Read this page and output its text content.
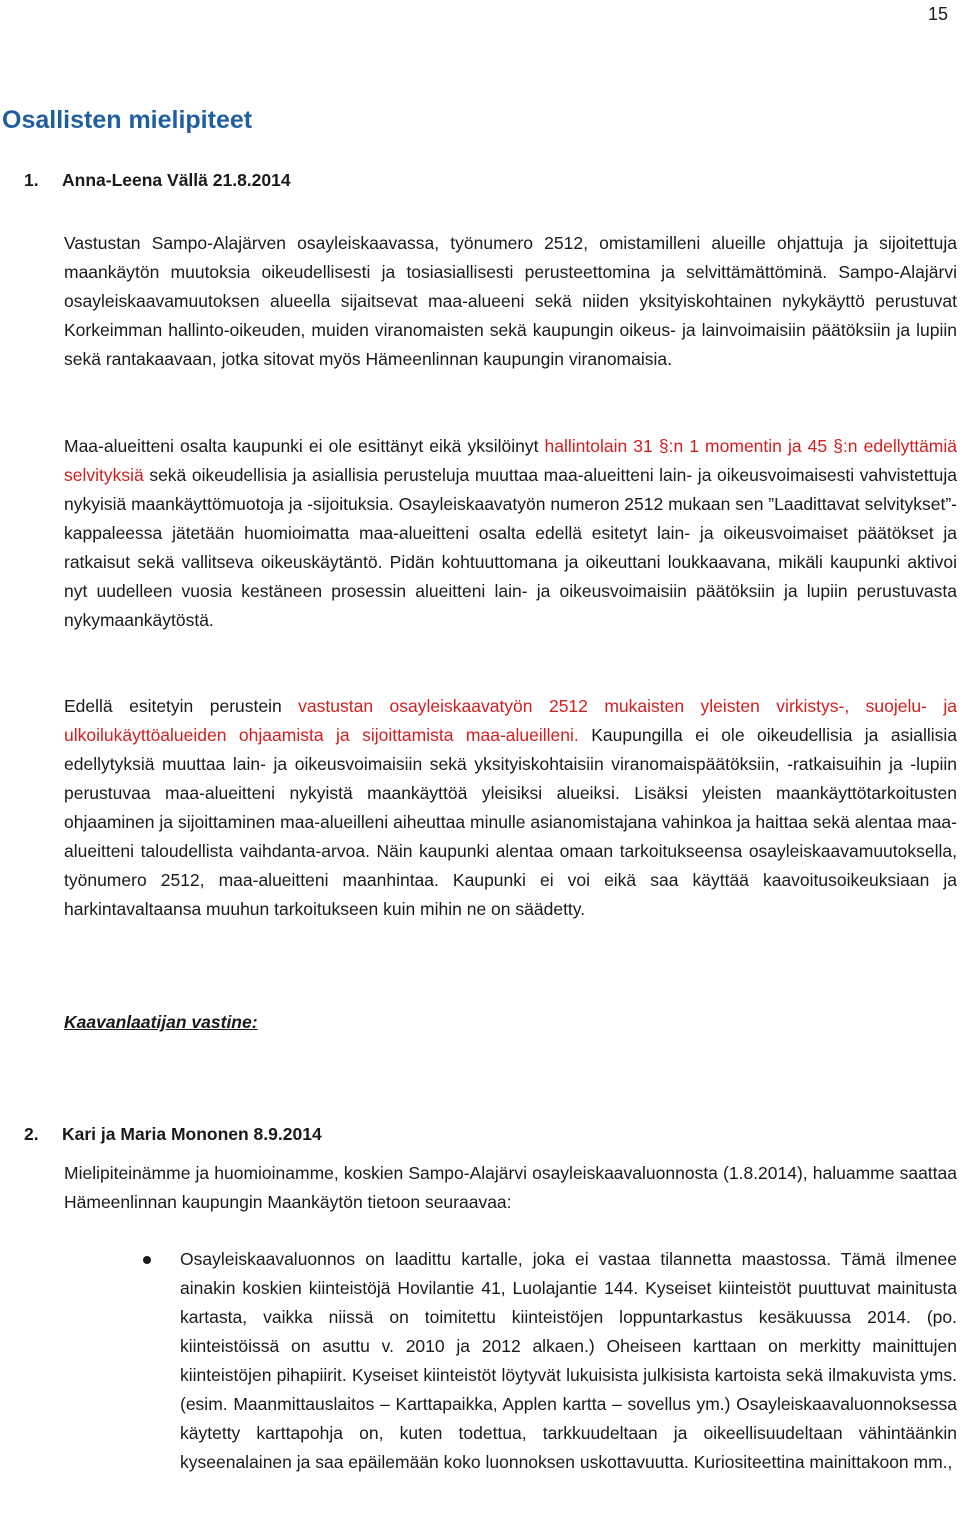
15
Osallisten mielipiteet
1. Anna-Leena Vällä 21.8.2014

Vastustan Sampo-Alajärven osayleiskaavassa, työnumero 2512, omistamilleni alueille ohjattuja ja sijoitettuja maankäytön muutoksia oikeudellisesti ja tosiasiallisesti perusteettomina ja selvittämättöminä. Sampo-Alajärvi osayleiskaavamuutoksen alueella sijaitsevat maa-alueeni sekä niiden yksityiskohtainen nykykäyttö perustuvat Korkeimman hallinto-oikeuden, muiden viranomaisten sekä kaupungin oikeus- ja lainvoimaisiin päätöksiin ja lupiin sekä rantakaavaan, jotka sitovat myös Hämeenlinnan kaupungin viranomaisia.

Maa-alueitteni osalta kaupunki ei ole esittänyt eikä yksilöinyt hallintolain 31 §:n 1 momentin ja 45 §:n edellyttämiä selvityksiä sekä oikeudellisia ja asiallisia perusteluja muuttaa maa-alueitteni lain- ja oikeusvoimaisesti vahvistettuja nykyisiä maankäyttömuotoja ja -sijoituksia. Osayleiskaavatyön numeron 2512 mukaan sen ”Laadittavat selvitykset”-kappaleessa jätetään huomioimatta maa-alueitteni osalta edellä esitetyt lain- ja oikeusvoimaiset päätökset ja ratkaisut sekä vallitseva oikeuskäytäntö. Pidän kohtuuttomana ja oikeuttani loukkaavana, mikäli kaupunki aktivoi nyt uudelleen vuosia kestäneen prosessin alueitteni lain- ja oikeusvoimaisiin päätöksiin ja lupiin perustuvasta nykymaankäytöstä.

Edellä esitetyin perustein vastustan osayleiskaavatyön 2512 mukaisten yleisten virkistys-, suojelu- ja ulkoilukäyttöalueiden ohjaamista ja sijoittamista maa-alueilleni. Kaupungilla ei ole oikeudellisia ja asiallisia edellytyksiä muuttaa lain- ja oikeusvoimaisiin sekä yksityiskohtaisiin viranomaispäätöksiin, -ratkaisuihin ja -lupiin perustuvaa maa-alueitteni nykyistä maankäyttöä yleisiksi alueiksi. Lisäksi yleisten maankäyttötarkoitusten ohjaaminen ja sijoittaminen maa-alueilleni aiheuttaa minulle asianomistajana vahinkoa ja haittaa sekä alentaa maa-alueitteni taloudellista vaihdanta-arvoa. Näin kaupunki alentaa omaan tarkoitukseensa osayleiskaavamuutoksella, työnumero 2512, maa-alueitteni maanhintaa. Kaupunki ei voi eikä saa käyttää kaavoitusoikeuksiaan ja harkintavaltaansa muuhun tarkoitukseen kuin mihin ne on säädetty.

Kaavanlaatijan vastine:

2. Kari ja Maria Mononen 8.9.2014

Mielipiteinämme ja huomioinamme, koskien Sampo-Alajärvi osayleiskaavaluonnosta (1.8.2014), haluamme saattaa Hämeenlinnan kaupungin Maankäytön tietoon seuraavaa:

Osayleiskaavaluonnos on laadittu kartalle, joka ei vastaa tilannetta maastossa. Tämä ilmenee ainakin koskien kiinteistöjä Hovilantie 41, Luolajantie 144. Kyseiset kiinteistöt puuttuvat mainitusta kartasta, vaikka niissä on toimitettu kiinteistöjen loppuntarkastus kesäkuussa 2014. (po. kiinteistöissä on asuttu v. 2010 ja 2012 alkaen.) Oheiseen karttaan on merkitty mainittujen kiinteistöjen pihapiirit. Kyseiset kiinteistöt löytyvät lukuisista julkisista kartoista sekä ilmakuvista yms. (esim. Maanmittauslaitos – Karttapaikka, Applen kartta – sovellus ym.) Osayleiskaavaluonnoksessa käytetty karttapohja on, kuten todettua, tarkkuudeltaan ja oikeellisuudeltaan vähintäänkin kyseenalainen ja saa epäilemään koko luonnoksen uskottavuutta. Kuriositeettina mainittakoon mm.,
